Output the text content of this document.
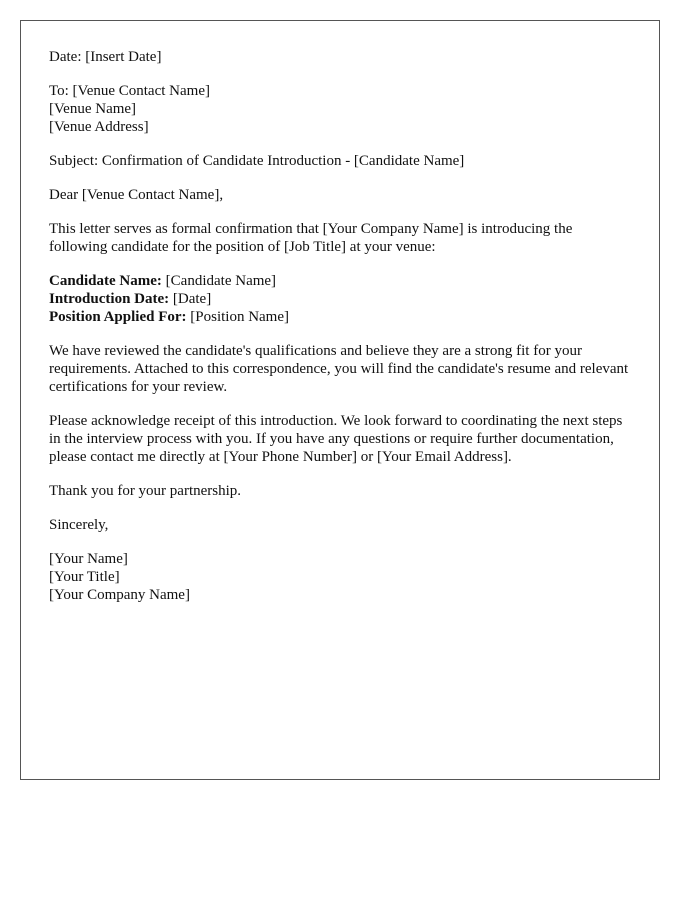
Date: [Insert Date]

To: [Venue Contact Name]
[Venue Name]
[Venue Address]

Subject: Confirmation of Candidate Introduction - [Candidate Name]

Dear [Venue Contact Name],

This letter serves as formal confirmation that [Your Company Name] is introducing the following candidate for the position of [Job Title] at your venue:

Candidate Name: [Candidate Name]
Introduction Date: [Date]
Position Applied For: [Position Name]

We have reviewed the candidate's qualifications and believe they are a strong fit for your requirements. Attached to this correspondence, you will find the candidate's resume and relevant certifications for your review.

Please acknowledge receipt of this introduction. We look forward to coordinating the next steps in the interview process with you. If you have any questions or require further documentation, please contact me directly at [Your Phone Number] or [Your Email Address].

Thank you for your partnership.

Sincerely,

[Your Name]
[Your Title]
[Your Company Name]
